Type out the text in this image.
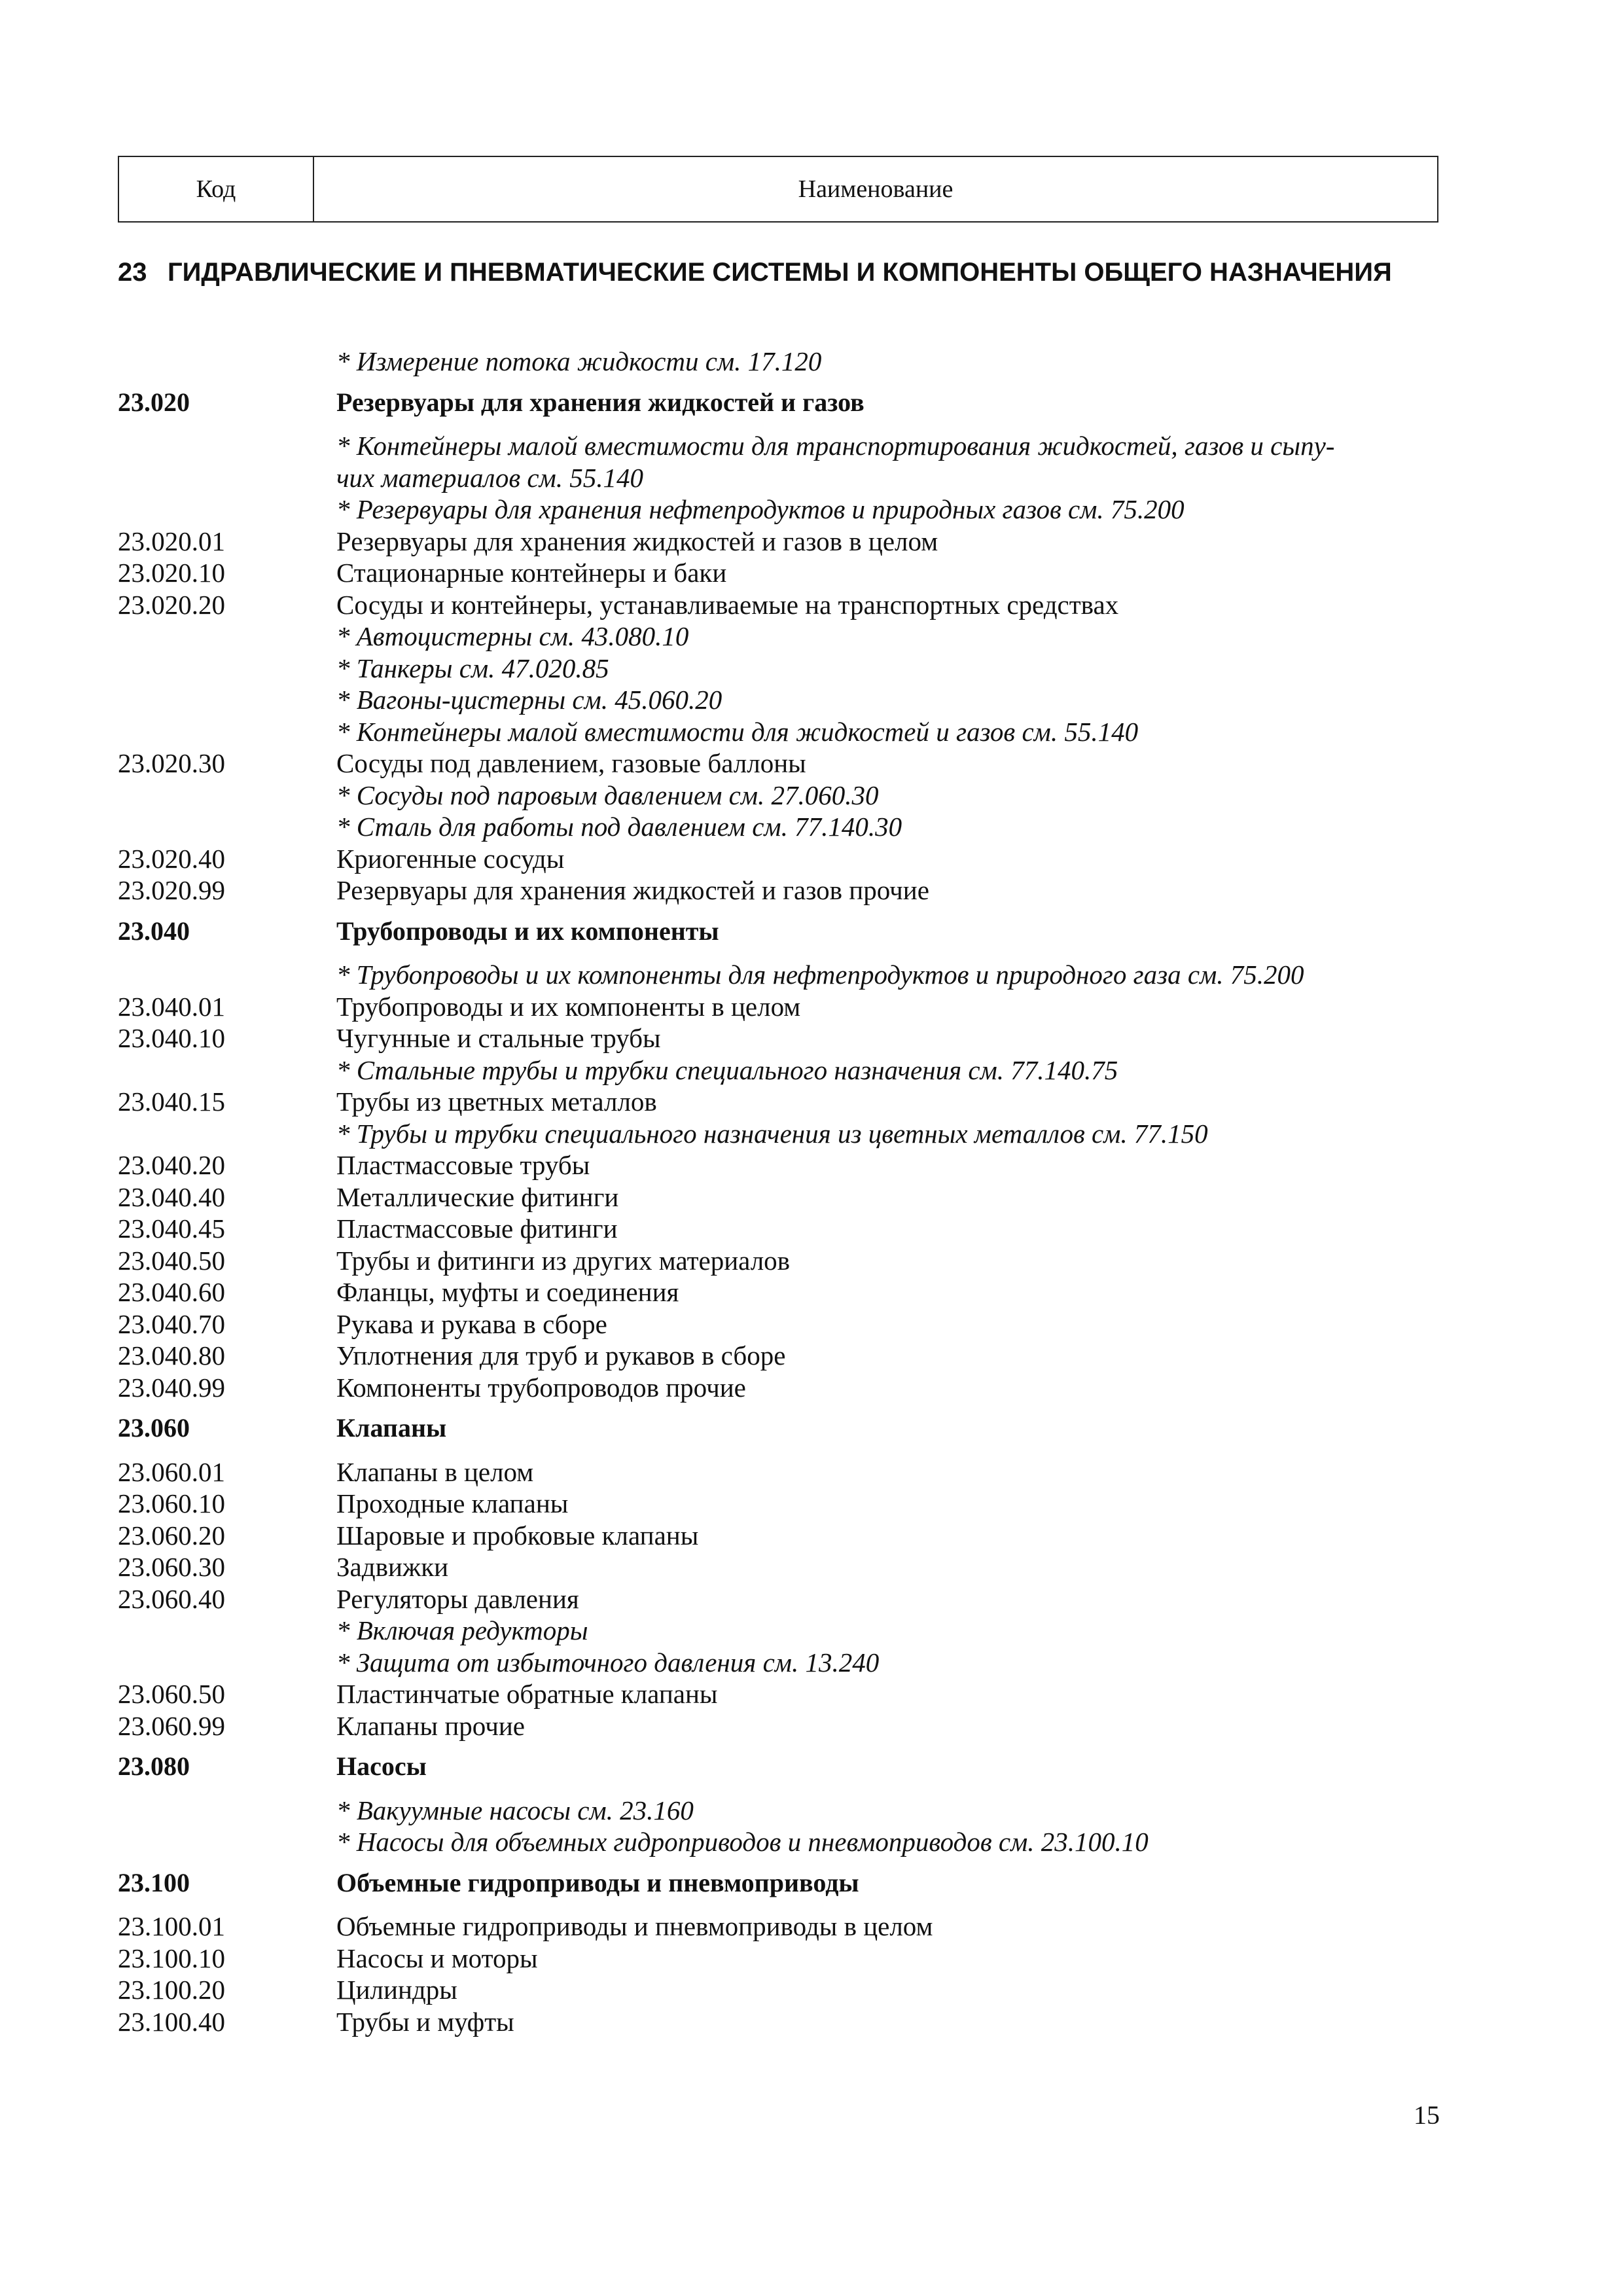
Код	Наименование
23 ГИДРАВЛИЧЕСКИЕ И ПНЕВМАТИЧЕСКИЕ СИСТЕМЫ И КОМПОНЕНТЫ ОБЩЕГО НАЗНАЧЕНИЯ
* Измерение потока жидкости см. 17.120
23.020	Резервуары для хранения жидкостей и газов
* Контейнеры малой вместимости для транспортирования жидкостей, газов и сыпу-
чих материалов см. 55.140
* Резервуары для хранения нефтепродуктов и природных газов см. 75.200
23.020.01	Резервуары для хранения жидкостей и газов в целом
23.020.10	Стационарные контейнеры и баки
23.020.20	Сосуды и контейнеры, устанавливаемые на транспортных средствах
* Автоцистерны см. 43.080.10
* Танкеры см. 47.020.85
* Вагоны-цистерны см. 45.060.20
* Контейнеры малой вместимости для жидкостей и газов см. 55.140
23.020.30	Сосуды под давлением, газовые баллоны
* Сосуды под паровым давлением см. 27.060.30
* Сталь для работы под давлением см. 77.140.30
23.020.40	Криогенные сосуды
23.020.99	Резервуары для хранения жидкостей и газов прочие
23.040	Трубопроводы и их компоненты
* Трубопроводы и их компоненты для нефтепродуктов и природного газа см. 75.200
23.040.01	Трубопроводы и их компоненты в целом
23.040.10	Чугунные и стальные трубы
* Стальные трубы и трубки специального назначения см. 77.140.75
23.040.15	Трубы из цветных металлов
* Трубы и трубки специального назначения из цветных металлов см. 77.150
23.040.20	Пластмассовые трубы
23.040.40	Металлические фитинги
23.040.45	Пластмассовые фитинги
23.040.50	Трубы и фитинги из других материалов
23.040.60	Фланцы, муфты и соединения
23.040.70	Рукава и рукава в сборе
23.040.80	Уплотнения для труб и рукавов в сборе
23.040.99	Компоненты трубопроводов прочие
23.060	Клапаны
23.060.01	Клапаны в целом
23.060.10	Проходные клапаны
23.060.20	Шаровые и пробковые клапаны
23.060.30	Задвижки
23.060.40	Регуляторы давления
* Включая редукторы
* Защита от избыточного давления см. 13.240
23.060.50	Пластинчатые обратные клапаны
23.060.99	Клапаны прочие
23.080	Насосы
* Вакуумные насосы см. 23.160
* Насосы для объемных гидроприводов и пневмоприводов см. 23.100.10
23.100	Объемные гидроприводы и пневмоприводы
23.100.01	Объемные гидроприводы и пневмоприводы в целом
23.100.10	Насосы и моторы
23.100.20	Цилиндры
23.100.40	Трубы и муфты
15
